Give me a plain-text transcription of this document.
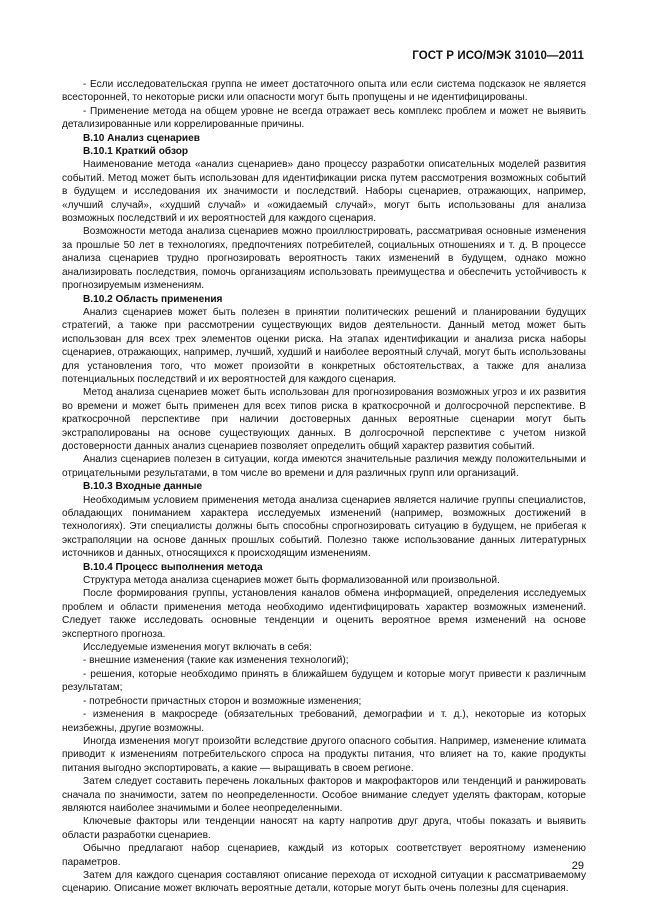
ГОСТ Р ИСО/МЭК 31010—2011

- Если исследовательская группа не имеет достаточного опыта или если система подсказок не является всесторонней, то некоторые риски или опасности могут быть пропущены и не идентифицированы.

- Применение метода на общем уровне не всегда отражает весь комплекс проблем и может не выявить детализированные или коррелированные причины.

В.10 Анализ сценариев

В.10.1 Краткий обзор

Наименование метода «анализ сценариев» дано процессу разработки описательных моделей развития событий. Метод может быть использован для идентификации риска путем рассмотрения возможных событий в будущем и исследования их значимости и последствий. Наборы сценариев, отражающих, например, «лучший случай», «худший случай» и «ожидаемый случай», могут быть использованы для анализа возможных последствий и их вероятностей для каждого сценария.

Возможности метода анализа сценариев можно проиллюстрировать, рассматривая основные изменения за прошлые 50 лет в технологиях, предпочтениях потребителей, социальных отношениях и т. д. В процессе анализа сценариев трудно прогнозировать вероятность таких изменений в будущем, однако можно анализировать последствия, помочь организациям использовать преимущества и обеспечить устойчивость к прогнозируемым изменениям.

В.10.2 Область применения

Анализ сценариев может быть полезен в принятии политических решений и планировании будущих стратегий, а также при рассмотрении существующих видов деятельности. Данный метод может быть использован для всех трех элементов оценки риска. На этапах идентификации и анализа риска наборы сценариев, отражающих, например, лучший, худший и наиболее вероятный случай, могут быть использованы для установления того, что может произойти в конкретных обстоятельствах, а также для анализа потенциальных последствий и их вероятностей для каждого сценария.

Метод анализа сценариев может быть использован для прогнозирования возможных угроз и их развития во времени и может быть применен для всех типов риска в краткосрочной и долгосрочной перспективе. В краткосрочной перспективе при наличии достоверных данных вероятные сценарии могут быть экстраполированы на основе существующих данных. В долгосрочной перспективе с учетом низкой достоверности данных анализ сценариев позволяет определить общий характер развития событий.

Анализ сценариев полезен в ситуации, когда имеются значительные различия между положительными и отрицательными результатами, в том числе во времени и для различных групп или организаций.

В.10.3 Входные данные

Необходимым условием применения метода анализа сценариев является наличие группы специалистов, обладающих пониманием характера исследуемых изменений (например, возможных достижений в технологиях). Эти специалисты должны быть способны спрогнозировать ситуацию в будущем, не прибегая к экстраполяции на основе данных прошлых событий. Полезно также использование данных литературных источников и данных, относящихся к происходящим изменениям.

В.10.4 Процесс выполнения метода

Структура метода анализа сценариев может быть формализованной или произвольной.

После формирования группы, установления каналов обмена информацией, определения исследуемых проблем и области применения метода необходимо идентифицировать характер возможных изменений. Следует также исследовать основные тенденции и оценить вероятное время изменений на основе экспертного прогноза.

Исследуемые изменения могут включать в себя:

- внешние изменения (такие как изменения технологий);

- решения, которые необходимо принять в ближайшем будущем и которые могут привести к различным результатам;

- потребности причастных сторон и возможные изменения;

- изменения в макросреде (обязательных требований, демографии и т. д.), некоторые из которых неизбежны, другие возможны.

Иногда изменения могут произойти вследствие другого опасного события. Например, изменение климата приводит к изменениям потребительского спроса на продукты питания, что влияет на то, какие продукты питания выгодно экспортировать, а какие — выращивать в своем регионе.

Затем следует составить перечень локальных факторов и макрофакторов или тенденций и ранжировать сначала по значимости, затем по неопределенности. Особое внимание следует уделять факторам, которые являются наиболее значимыми и более неопределенными.

Ключевые факторы или тенденции наносят на карту напротив друг друга, чтобы показать и выявить области разработки сценариев.

Обычно предлагают набор сценариев, каждый из которых соответствует вероятному изменению параметров.

Затем для каждого сценария составляют описание перехода от исходной ситуации к рассматриваемому сценарию. Описание может включать вероятные детали, которые могут быть очень полезны для сценария.

29
